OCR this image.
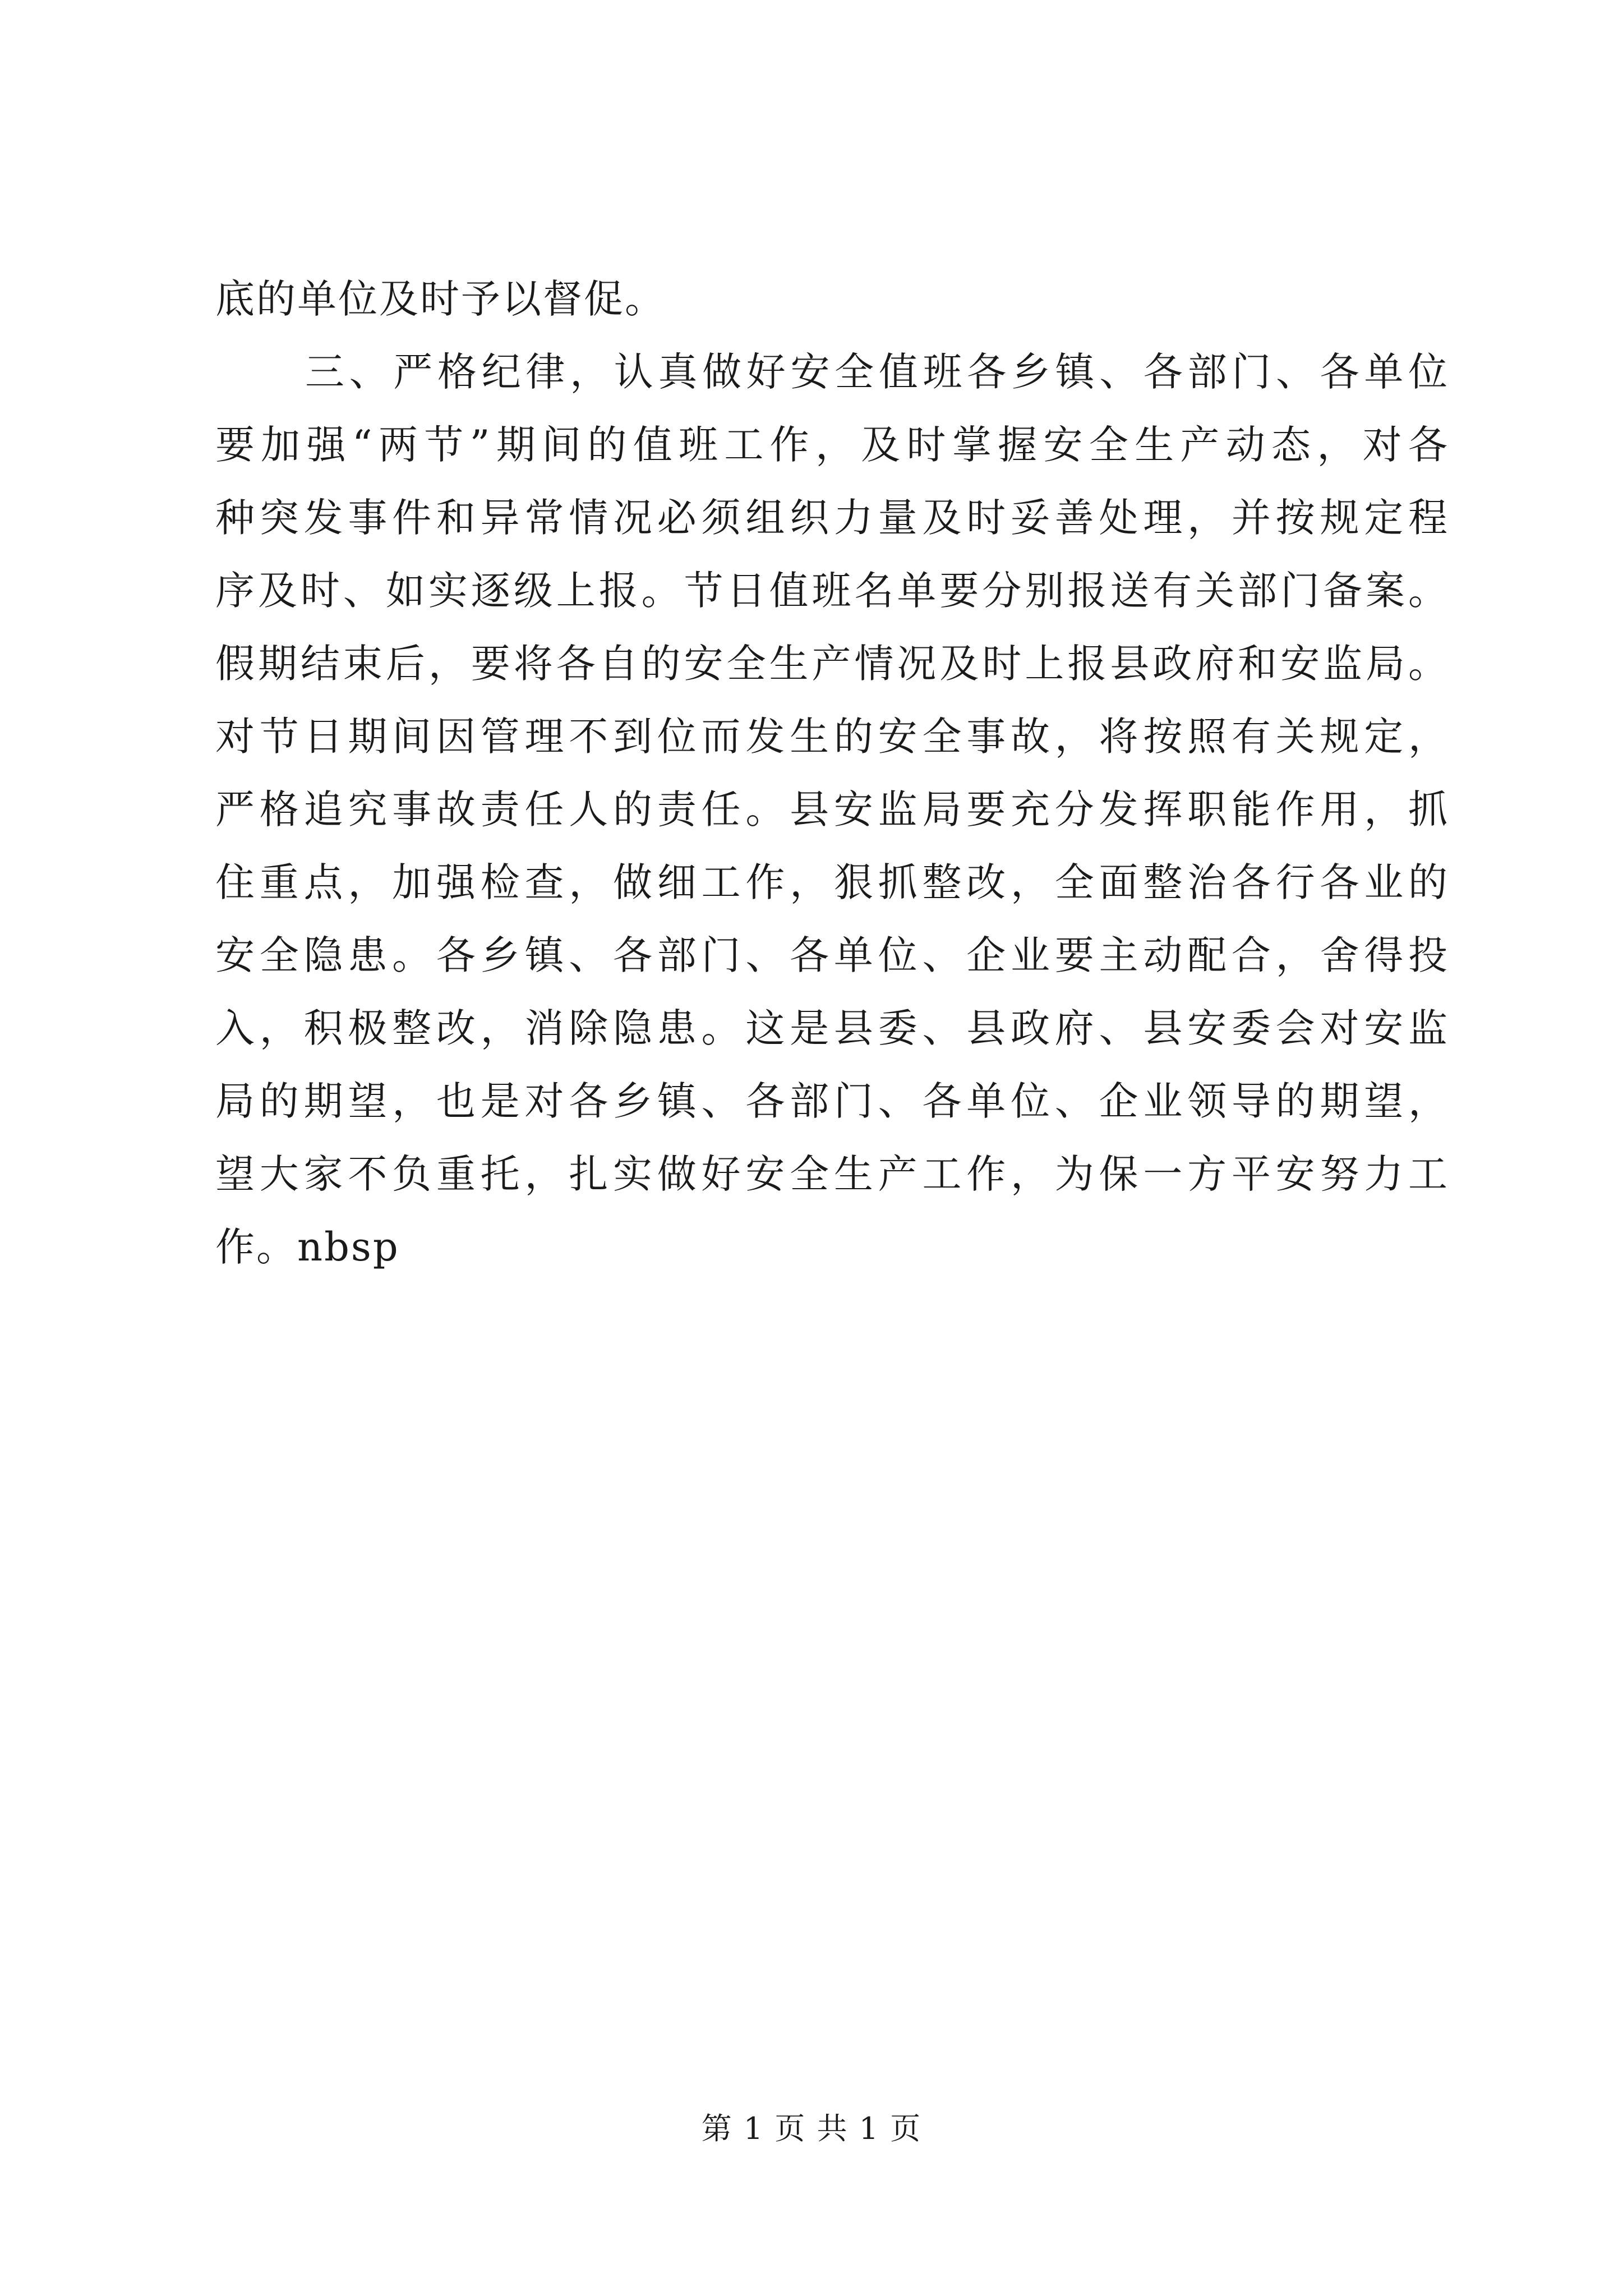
底的单位及时予以督促。
三、严格纪律，认真做好安全值班各乡镇、各部门、各单位
要加强“两节”期间的值班工作，及时掌握安全生产动态，对各
种突发事件和异常情况必须组织力量及时妥善处理，并按规定程
序及时、如实逐级上报。节日值班名单要分别报送有关部门备案。
假期结束后，要将各自的安全生产情况及时上报县政府和安监局。
对节日期间因管理不到位而发生的安全事故，将按照有关规定，
严格追究事故责任人的责任。县安监局要充分发挥职能作用，抓
住重点，加强检查，做细工作，狠抓整改，全面整治各行各业的
安全隐患。各乡镇、各部门、各单位、企业要主动配合，舍得投
入，积极整改，消除隐患。这是县委、县政府、县安委会对安监
局的期望，也是对各乡镇、各部门、各单位、企业领导的期望，
望大家不负重托，扎实做好安全生产工作，为保一方平安努力工
作。nbsp
第 1 页 共 1 页
